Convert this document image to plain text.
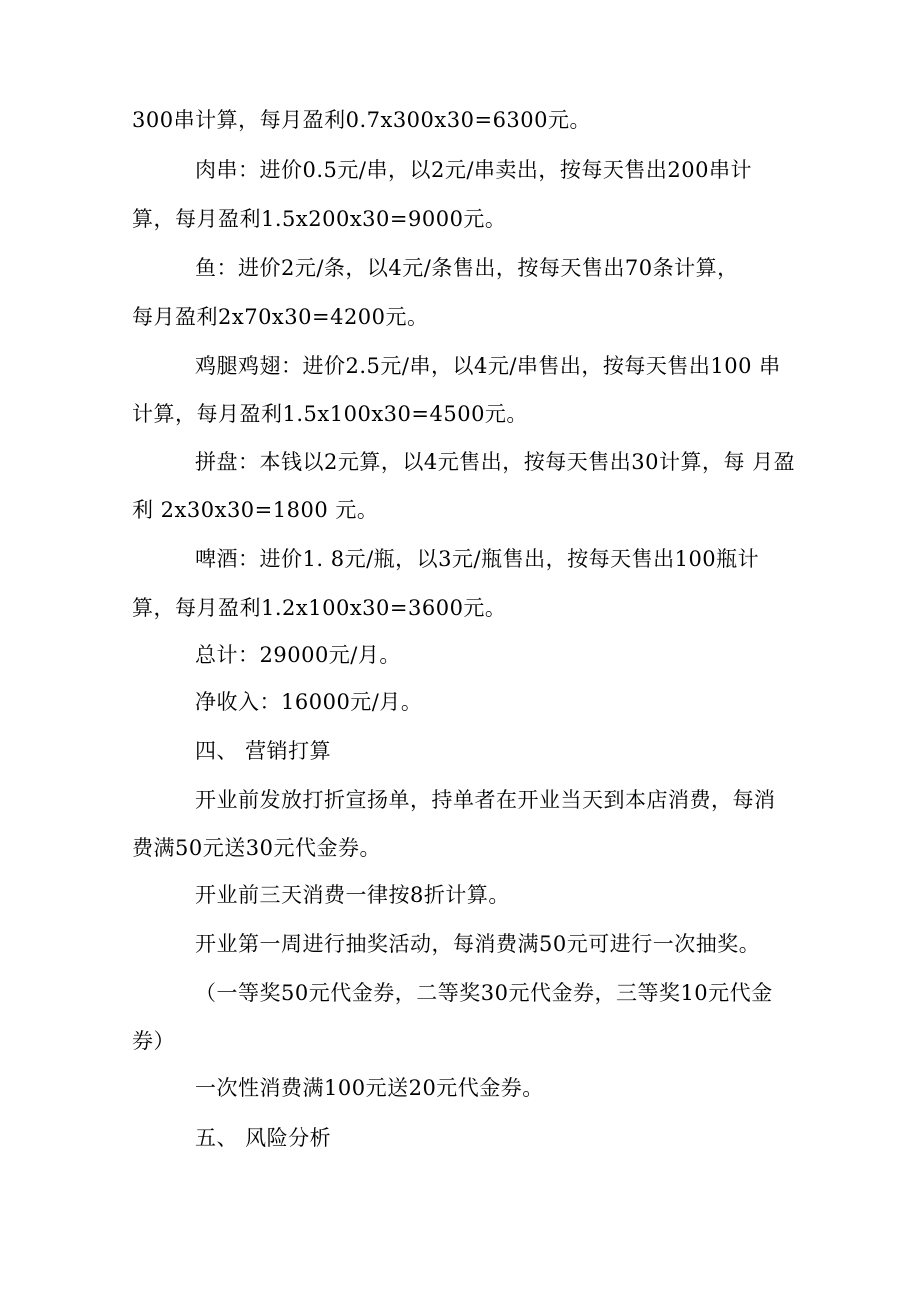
300串计算，每月盈利0.7x300x30=6300元。
肉串：进价0.5元/串，以2元/串卖出，按每天售出200串计
算，每月盈利1.5x200x30=9000元。
鱼：进价2元/条，以4元/条售出，按每天售出70条计算，
每月盈利2x70x30=4200元。
鸡腿鸡翅：进价2.5元/串，以4元/串售出，按每天售出100 串
计算，每月盈利1.5x100x30=4500元。
拼盘：本钱以2元算，以4元售出，按每天售出30计算，每 月盈
利 2x30x30=1800 元。
啤酒：进价1. 8元/瓶，以3元/瓶售出，按每天售出100瓶计
算，每月盈利1.2x100x30=3600元。
总计：29000元/月。
净收入：16000元/月。
四、 营销打算
开业前发放打折宣扬单，持单者在开业当天到本店消费，每消
费满50元送30元代金券。
开业前三天消费一律按8折计算。
开业第一周进行抽奖活动，每消费满50元可进行一次抽奖。
（一等奖50元代金券，二等奖30元代金券，三等奖10元代金
券）
一次性消费满100元送20元代金券。
五、 风险分析
